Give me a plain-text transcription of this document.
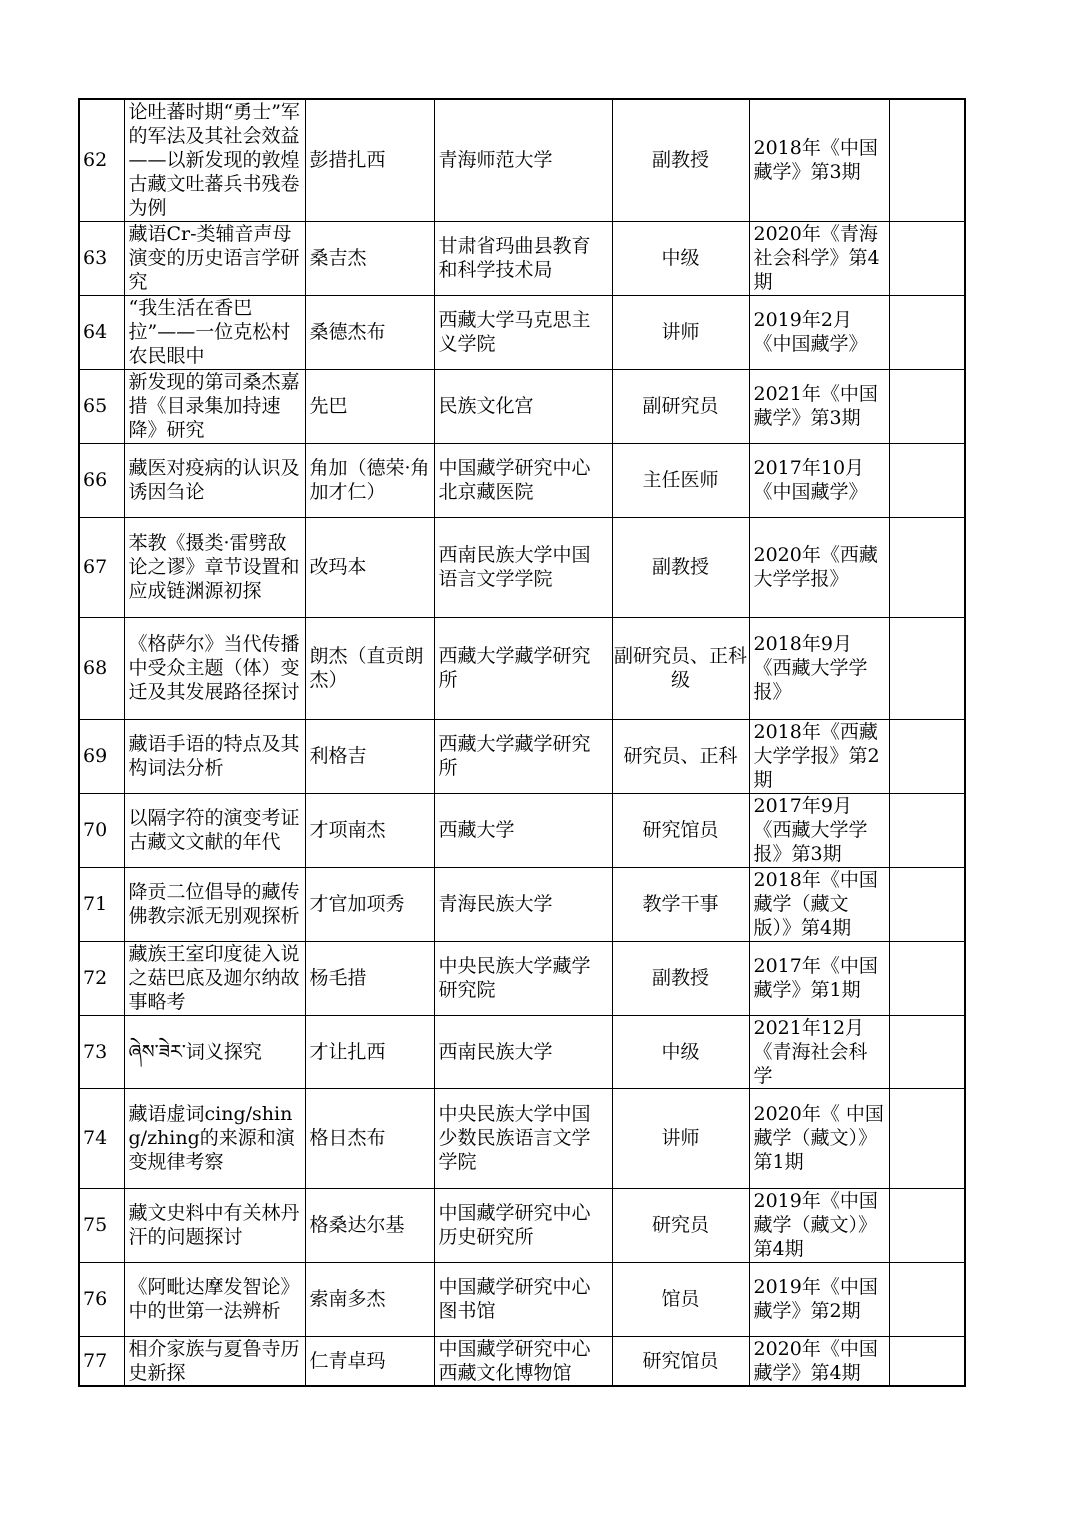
62	论吐蕃时期“勇士”军的军法及其社会效益——以新发现的敦煌古藏文吐蕃兵书残卷为例	彭措扎西	青海师范大学	副教授	2018年《中国藏学》第3期	
63	藏语Cr-类辅音声母演变的历史语言学研究	桑吉杰	甘肃省玛曲县教育和科学技术局	中级	2020年《青海社会科学》第4期	
64	“我生活在香巴拉”——一位克松村农民眼中	桑德杰布	西藏大学马克思主义学院	讲师	2019年2月《中国藏学》	
65	新发现的第司桑杰嘉措《目录集加持速降》研究	先巴	民族文化宫	副研究员	2021年《中国藏学》第3期	
66	藏医对疫病的认识及诱因刍论	角加（德荣·角加才仁）	中国藏学研究中心北京藏医院	主任医师	2017年10月《中国藏学》	
67	苯教《摄类·雷劈敌论之谬》章节设置和应成链渊源初探	改玛本	西南民族大学中国语言文学学院	副教授	2020年《西藏大学学报》	
68	《格萨尔》当代传播中受众主题（体）变迁及其发展路径探讨	朗杰（直贡朗杰）	西藏大学藏学研究所	副研究员、正科级	2018年9月《西藏大学学报》	
69	藏语手语的特点及其构词法分析	利格吉	西藏大学藏学研究所	研究员、正科	2018年《西藏大学学报》第2期	
70	以隔字符的演变考证古藏文文献的年代	才项南杰	西藏大学	研究馆员	2017年9月《西藏大学学报》第3期	
71	降贡二位倡导的藏传佛教宗派无别观探析	才官加项秀	青海民族大学	教学干事	2018年《中国藏学（藏文版）》第4期	
72	藏族王室印度徒入说之菇巴底及迦尔纳故事略考	杨毛措	中央民族大学藏学研究院	副教授	2017年《中国藏学》第1期	
73	ཞེས་ཟེར་词义探究	才让扎西	西南民族大学	中级	2021年12月《青海社会科学	
74	藏语虚词cing/shing/zhing的来源和演变规律考察	格日杰布	中央民族大学中国少数民族语言文学学院	讲师	2020年《 中国藏学（藏文）》第1期	
75	藏文史料中有关林丹汗的问题探讨	格桑达尔基	中国藏学研究中心历史研究所	研究员	2019年《中国藏学（藏文）》第4期	
76	《阿毗达摩发智论》中的世第一法辨析	索南多杰	中国藏学研究中心图书馆	馆员	2019年《中国藏学》第2期	
77	相介家族与夏鲁寺历史新探	仁青卓玛	中国藏学研究中心西藏文化博物馆	研究馆员	2020年《中国藏学》第4期	
